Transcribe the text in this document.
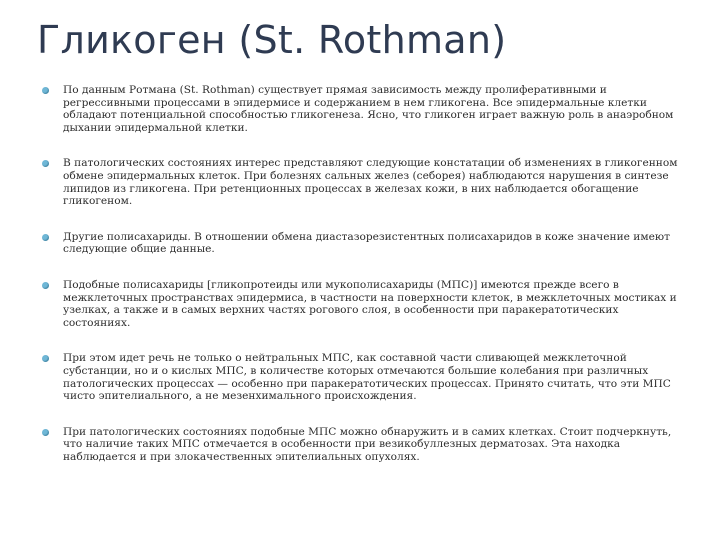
Гликоген (St. Rothman)
По данным Ротмана (St. Rothman) существует прямая зависимость между пролиферативными и регрессивными процессами в эпидермисе и содержанием в нем гликогена. Все эпидермальные клетки обладают потенциальной способностью гликогенеза. Ясно, что гликоген играет важную роль в анаэробном дыхании эпидермальной клетки.
В патологических состояниях интерес представляют следующие констатации об изменениях в гликогенном обмене эпидермальных клеток. При болезнях сальных желез (себорея) наблюдаются нарушения в синтезе липидов из гликогена. При ретенционных процессах в железах кожи, в них наблюдается обогащение гликогеном.
Другие полисахариды. В отношении обмена диастазорезистентных полисахаридов в коже значение имеют следующие общие данные.
Подобные полисахариды [гликопротеиды или мукополисахариды (МПС)] имеются прежде всего в межклеточных пространствах эпидермиса, в частности на поверхности клеток, в межклеточных мостиках и узелках, а также и в самых верхних частях рогового слоя, в особенности при паракератотических состояниях.
При этом идет речь не только о нейтральных МПС, как составной части сливающей межклеточной субстанции, но и о кислых МПС, в количестве которых отмечаются большие колебания при различных патологических процессах — особенно при паракератотических процессах. Принято считать, что эти МПС чисто эпителиального, а не мезенхимального происхождения.
При патологических состояниях подобные МПС можно обнаружить и в самих клетках. Стоит подчеркнуть, что наличие таких МПС отмечается в особенности при везикобуллезных дерматозах. Эта находка наблюдается и при злокачественных эпителиальных опухолях.
